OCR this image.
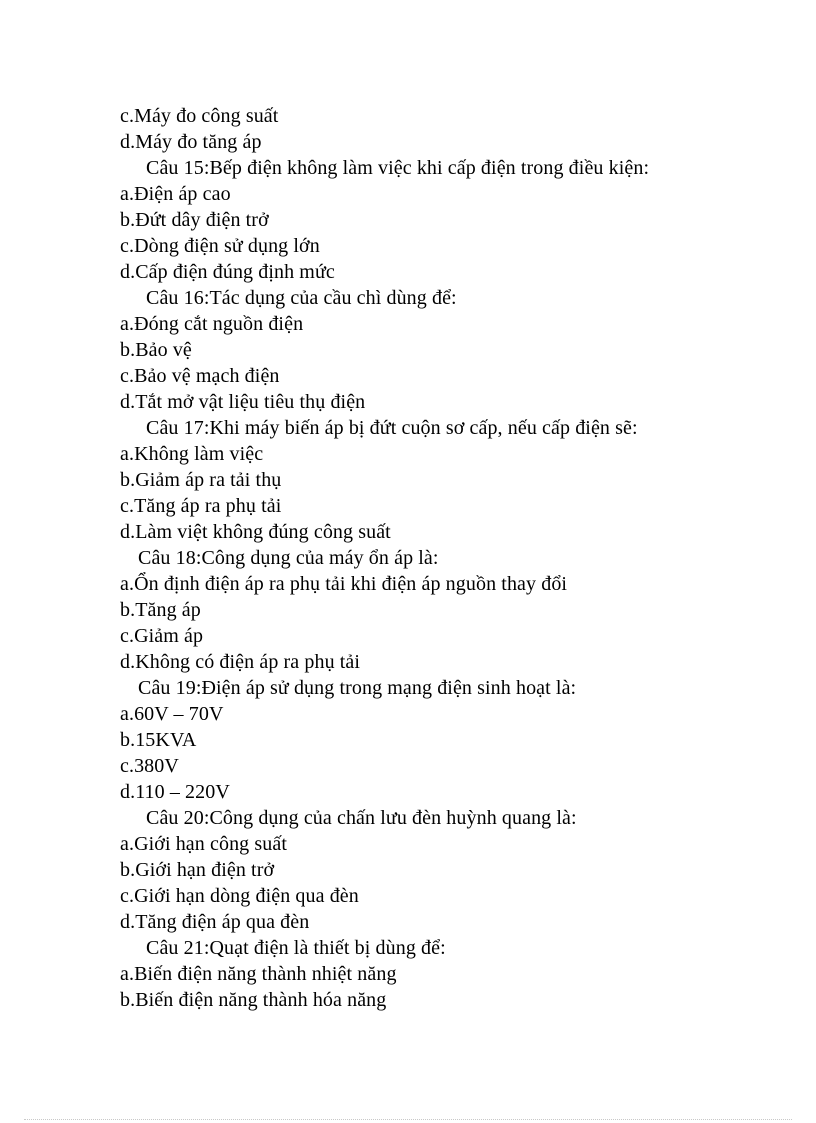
c.Máy đo công suất
d.Máy đo tăng áp
Câu 15:Bếp điện không làm việc khi cấp điện trong điều kiện:
a.Điện áp cao
b.Đứt dây điện trở
c.Dòng điện sử dụng lớn
d.Cấp điện đúng định mức
Câu 16:Tác dụng của cầu chì dùng để:
a.Đóng cắt nguồn điện
b.Bảo vệ
c.Bảo vệ mạch điện
d.Tắt mở vật liệu tiêu thụ điện
Câu 17:Khi máy biến áp bị đứt cuộn sơ cấp, nếu cấp điện sẽ:
a.Không làm việc
b.Giảm áp ra tải thụ
c.Tăng áp ra phụ tải
d.Làm việt không đúng công suất
Câu 18:Công dụng của máy ổn áp là:
a.Ổn định điện áp ra phụ tải khi điện áp nguồn thay đổi
b.Tăng áp
c.Giảm áp
d.Không có điện áp ra phụ tải
Câu 19:Điện áp sử dụng trong mạng điện sinh hoạt là:
a.60V – 70V
b.15KVA
c.380V
d.110 – 220V
Câu 20:Công dụng của chấn lưu đèn huỳnh quang là:
a.Giới hạn công suất
b.Giới hạn điện trở
c.Giới hạn dòng điện qua đèn
d.Tăng điện áp qua đèn
Câu 21:Quạt điện là thiết bị dùng để:
a.Biến điện năng thành nhiệt năng
b.Biến điện năng thành hóa năng
